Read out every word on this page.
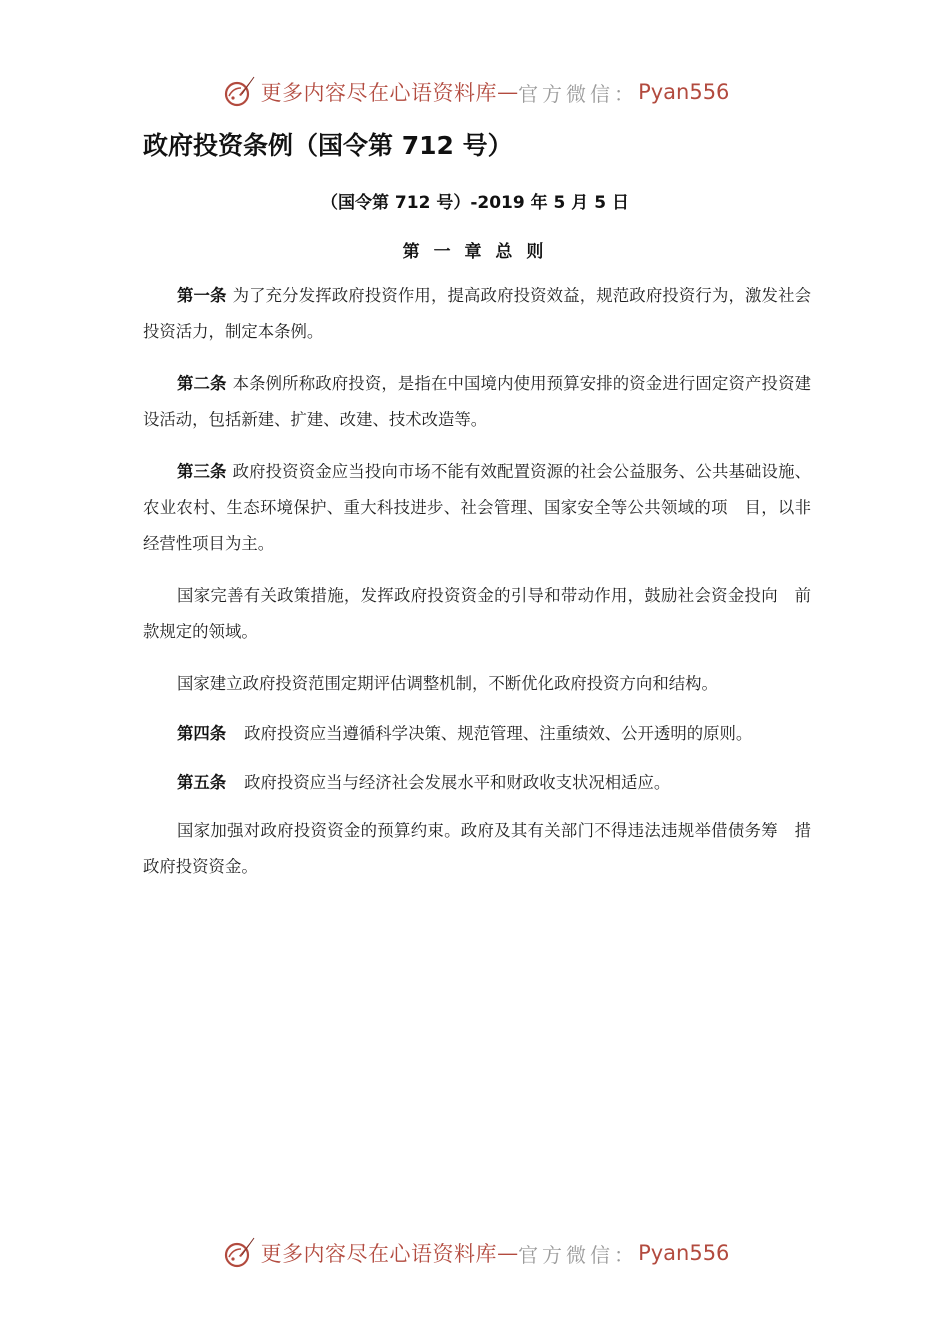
更多内容尽在心语资料库 — 官方微信： Pyan556
政府投资条例（国令第 712 号）
（国令第 712 号）-2019 年 5 月 5 日
第 一 章 总 则

第一条 为了充分发挥政府投资作用，提高政府投资效益，规范政府投资行为，激发社会投资活力，制定本条例。

第二条 本条例所称政府投资，是指在中国境内使用预算安排的资金进行固定资产投资建设活动，包括新建、扩建、改建、技术改造等。

第三条 政府投资资金应当投向市场不能有效配置资源的社会公益服务、公共基础设施、农业农村、生态环境保护、重大科技进步、社会管理、国家安全等公共领域的项　目，以非经营性项目为主。

国家完善有关政策措施，发挥政府投资资金的引导和带动作用，鼓励社会资金投向　前款规定的领域。

国家建立政府投资范围定期评估调整机制，不断优化政府投资方向和结构。

第四条 政府投资应当遵循科学决策、规范管理、注重绩效、公开透明的原则。

第五条 政府投资应当与经济社会发展水平和财政收支状况相适应。

国家加强对政府投资资金的预算约束。政府及其有关部门不得违法违规举借债务筹　措政府投资资金。

更多内容尽在心语资料库 — 官方微信： Pyan556
